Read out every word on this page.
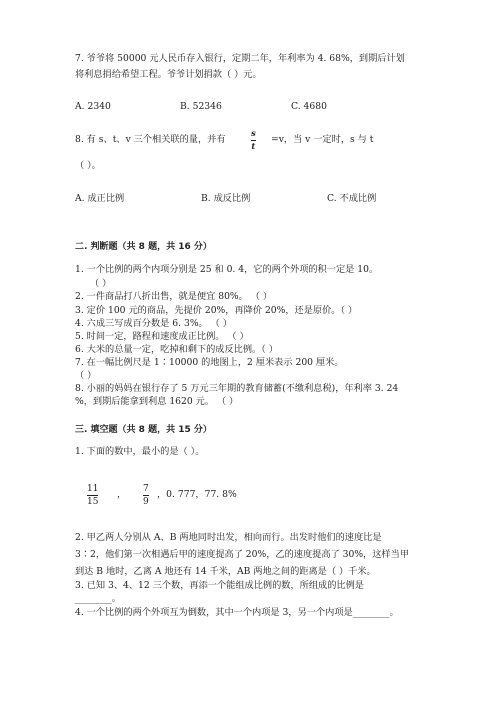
7. 爷爷将 50000 元人民币存入银行，定期二年，年利率为 4. 68%，到期后计划
将利息捐给希望工程。爷爷计划捐款（ ）元。
A. 2340	B. 52346	C. 4680
8. 有 s、t、v 三个相关联的量，并有	s
t
=v，当 v 一定时，s 与 t
（ ）。
A. 成正比例	B. 成反比例	C. 不成比例
二. 判断题（共 8 题，共 16 分）
1. 一个比例的两个内项分别是 25 和 0. 4，它的两个外项的积一定是 10。
（ ）
2. 一件商品打八折出售，就是便宜 80%。 （ ）
3. 定价 100 元的商品，先提价 20%，再降价 20%，还是原价。（ ）
4. 六成三写成百分数是 6. 3%。 （ ）
5. 时间一定，路程和速度成正比例。 （ ）
6. 大米的总量一定，吃掉和剩下的成反比例。（ ）
7. 在一幅比例尺是 1∶10000 的地图上，2 厘米表示 200 厘米。
（ ）
8. 小丽的妈妈在银行存了 5 万元三年期的教育储蓄(不缴利息税)，年利率 3. 24
%，到期后能拿到利息 1620 元。 （ ）
三. 填空题（共 8 题，共 15 分）
1. 下面的数中，最小的是（ ）。
11
15
， 7
9
，0. 777，77. 8%
2. 甲乙两人分别从 A、B 两地同时出发，相向而行。出发时他们的速度比是
3∶2，他们第一次相遇后甲的速度提高了 20%，乙的速度提高了 30%，这样当甲
到达 B 地时，乙离 A 地还有 14 千米，AB 两地之间的距离是（ ）千米。
3. 已知 3、4、12 三个数，再添一个能组成比例的数，所组成的比例是
________。
4. 一个比例的两个外项互为倒数，其中一个内项是 3，另一个内项是________。
